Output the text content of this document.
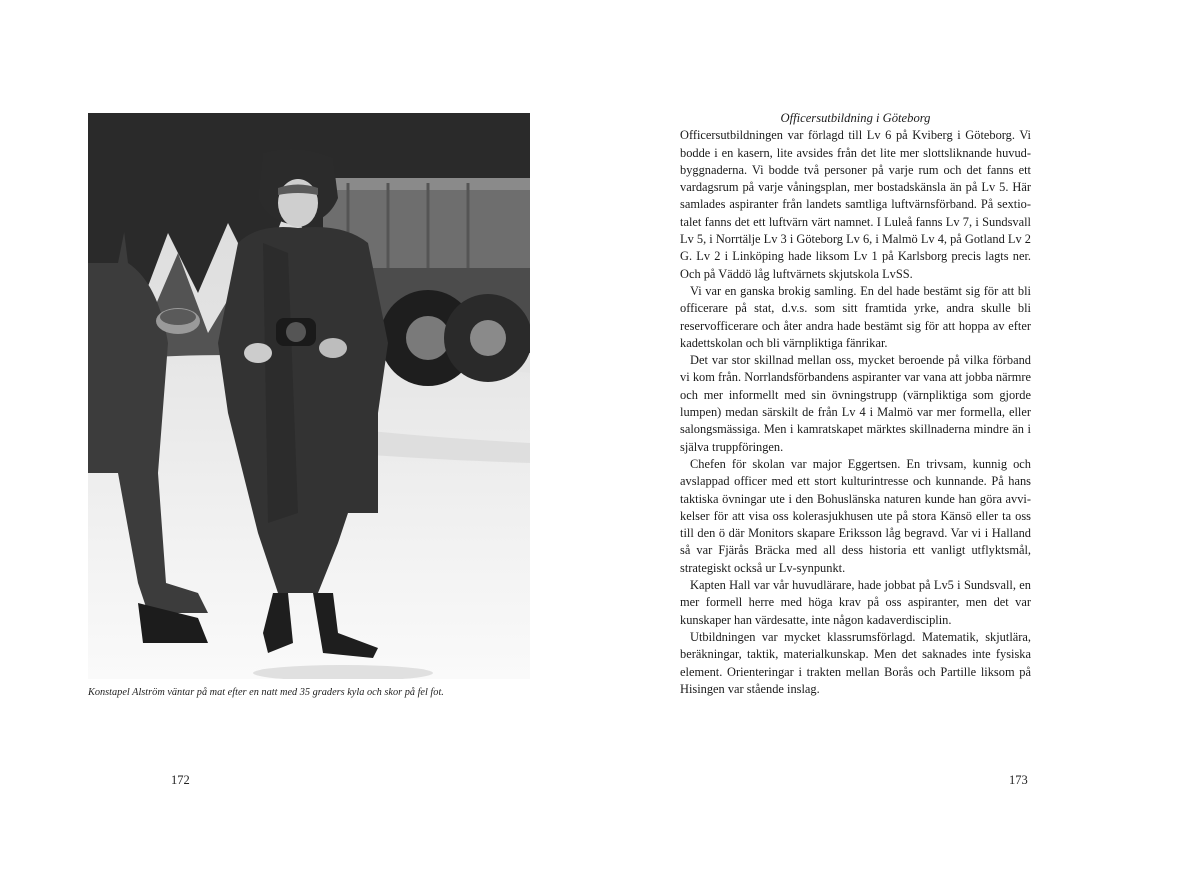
Konstapel Alström väntar på mat efter en natt med 35 graders kyla och skor på fel fot.
172
Officersutbildning i Göteborg

Officersutbildningen var förlagd till Lv 6 på Kviberg i Göteborg. Vi bodde i en kasern, lite avsides från det lite mer slottsliknande huvudbyggnaderna. Vi bodde två personer på varje rum och det fanns ett vardagsrum på varje våningsplan, mer bostadskänsla än på Lv 5. Här samlades aspiranter från landets samtliga luftvärnsförband. På sextiotalet fanns det ett luftvärn värt namnet. I Luleå fanns Lv 7, i Sundsvall Lv 5, i Norrtälje Lv 3 i Göteborg Lv 6, i Malmö Lv 4, på Gotland Lv 2 G. Lv 2 i Linköping hade liksom Lv 1 på Karlsborg precis lagts ner. Och på Väddö låg luftvärnets skjutskola LvSS.

Vi var en ganska brokig samling. En del hade bestämt sig för att bli officerare på stat, d.v.s. som sitt framtida yrke, andra skulle bli reservofficerare och åter andra hade bestämt sig för att hoppa av efter kadettskolan och bli värnpliktiga fänrikar.

Det var stor skillnad mellan oss, mycket beroende på vilka förband vi kom från. Norrlandsförbandens aspiranter var vana att jobba närmre och mer informellt med sin övningstrupp (värnpliktiga som gjorde lumpen) medan särskilt de från Lv 4 i Malmö var mer formella, eller salongsmässiga. Men i kamratskapet märktes skillnaderna mindre än i själva truppföringen.

Chefen för skolan var major Eggertsen. En trivsam, kunnig och avslappad officer med ett stort kulturintresse och kunnande. På hans taktiska övningar ute i den Bohuslänska naturen kunde han göra avvikelser för att visa oss kolerasjukhusen ute på stora Känsö eller ta oss till den ö där Monitors skapare Eriksson låg begravd. Var vi i Halland så var Fjärås Bräcka med all dess historia ett vanligt utflyktsmål, strategiskt också ur Lv-synpunkt.

Kapten Hall var vår huvudlärare, hade jobbat på Lv5 i Sundsvall, en mer formell herre med höga krav på oss aspiranter, men det var kunskaper han värdesatte, inte någon kadaverdisciplin.

Utbildningen var mycket klassrumsförlagd. Matematik, skjutlära, beräkningar, taktik, materialkunskap. Men det saknades inte fysiska element. Orienteringar i trakten mellan Borås och Partille liksom på Hisingen var stående inslag.

173
